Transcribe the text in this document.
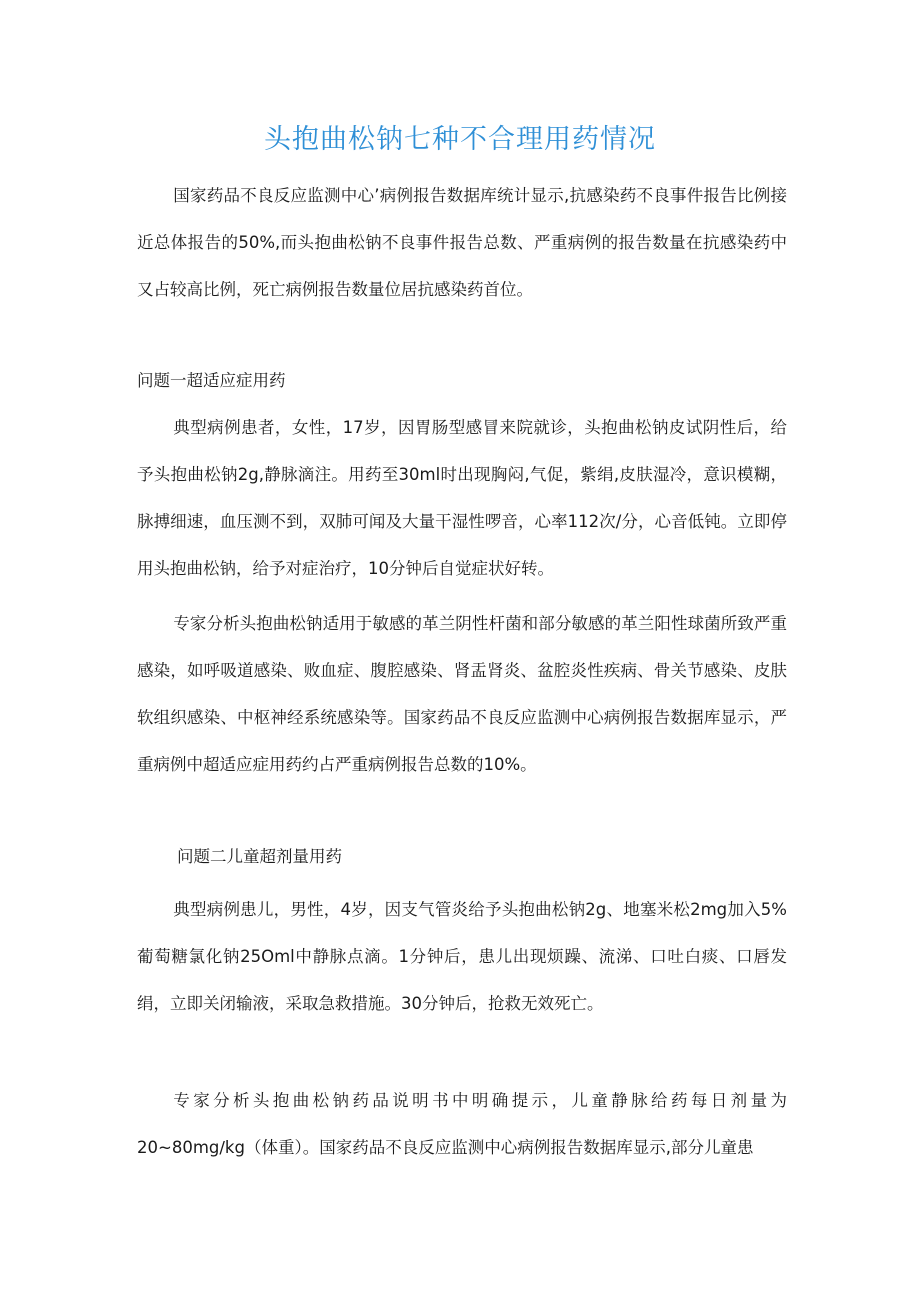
头抱曲松钠七种不合理用药情况

国家药品不良反应监测中心’病例报告数据库统计显示,抗感染药不良事件报告比例接近总体报告的50%,而头抱曲松钠不良事件报告总数、严重病例的报告数量在抗感染药中又占较高比例，死亡病例报告数量位居抗感染药首位。

问题一超适应症用药

典型病例患者，女性，17岁，因胃肠型感冒来院就诊，头抱曲松钠皮试阴性后，给予头抱曲松钠2g,静脉滴注。用药至30ml时出现胸闷,气促，紫绢,皮肤湿冷，意识模糊，脉搏细速，血压测不到，双肺可闻及大量干湿性啰音，心率112次/分，心音低钝。立即停用头抱曲松钠，给予对症治疗，10分钟后自觉症状好转。

专家分析头抱曲松钠适用于敏感的革兰阴性杆菌和部分敏感的革兰阳性球菌所致严重感染，如呼吸道感染、败血症、腹腔感染、肾盂肾炎、盆腔炎性疾病、骨关节感染、皮肤软组织感染、中枢神经系统感染等。国家药品不良反应监测中心病例报告数据库显示，严重病例中超适应症用药约占严重病例报告总数的10%。

问题二儿童超剂量用药

典型病例患儿，男性，4岁，因支气管炎给予头抱曲松钠2g、地塞米松2mg加入5%葡萄糖氯化钠25Oml中静脉点滴。1分钟后，患儿出现烦躁、流涕、口吐白痰、口唇发绢，立即关闭输液，采取急救措施。30分钟后，抢救无效死亡。

专家分析头抱曲松钠药品说明书中明确提示，儿童静脉给药每日剂量为20~80mg∕kg（体重）。国家药品不良反应监测中心病例报告数据库显示,部分儿童患
